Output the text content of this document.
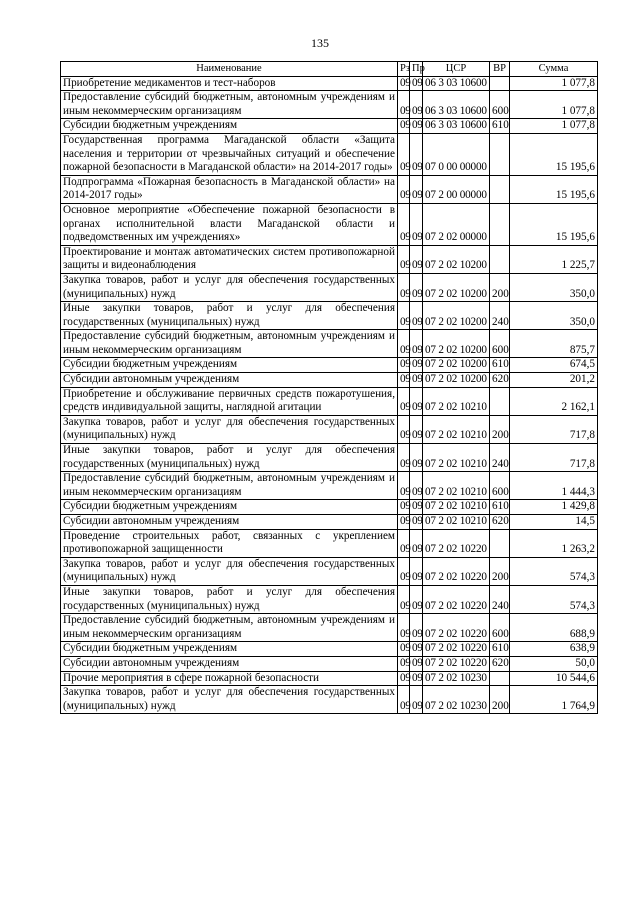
135
Наименование	Рз	Пр	ЦСР	ВР	Сумма
Приобретение медикаментов и тест-наборов	09	09	06 3 03 10600		1 077,8
Предоставление субсидий бюджетным, автономным учреждениям и иным некоммерческим организациям	09	09	06 3 03 10600	600	1 077,8
Субсидии бюджетным учреждениям	09	09	06 3 03 10600	610	1 077,8
Государственная программа Магаданской области «Защита населения и территории от чрезвычайных ситуаций и обеспечение пожарной безопасности в Магаданской области» на 2014-2017 годы»	09	09	07 0 00 00000		15 195,6
Подпрограмма «Пожарная безопасность в Магаданской области» на 2014-2017 годы»	09	09	07 2 00 00000		15 195,6
Основное мероприятие «Обеспечение пожарной безопасности в органах исполнительной власти Магаданской области и подведомственных им учреждениях»	09	09	07 2 02 00000		15 195,6
Проектирование и монтаж автоматических систем противопожарной защиты и видеонаблюдения	09	09	07 2 02 10200		1 225,7
Закупка товаров, работ и услуг для обеспечения государственных (муниципальных) нужд	09	09	07 2 02 10200	200	350,0
Иные закупки товаров, работ и услуг для обеспечения государственных (муниципальных) нужд	09	09	07 2 02 10200	240	350,0
Предоставление субсидий бюджетным, автономным учреждениям и иным некоммерческим организациям	09	09	07 2 02 10200	600	875,7
Субсидии бюджетным учреждениям	09	09	07 2 02 10200	610	674,5
Субсидии автономным учреждениям	09	09	07 2 02 10200	620	201,2
Приобретение и обслуживание первичных средств пожаротушения, средств индивидуальной защиты, наглядной агитации	09	09	07 2 02 10210		2 162,1
Закупка товаров, работ и услуг для обеспечения государственных (муниципальных) нужд	09	09	07 2 02 10210	200	717,8
Иные закупки товаров, работ и услуг для обеспечения государственных (муниципальных) нужд	09	09	07 2 02 10210	240	717,8
Предоставление субсидий бюджетным, автономным учреждениям и иным некоммерческим организациям	09	09	07 2 02 10210	600	1 444,3
Субсидии бюджетным учреждениям	09	09	07 2 02 10210	610	1 429,8
Субсидии автономным учреждениям	09	09	07 2 02 10210	620	14,5
Проведение строительных работ, связанных с укреплением противопожарной защищенности	09	09	07 2 02 10220		1 263,2
Закупка товаров, работ и услуг для обеспечения государственных (муниципальных) нужд	09	09	07 2 02 10220	200	574,3
Иные закупки товаров, работ и услуг для обеспечения государственных (муниципальных) нужд	09	09	07 2 02 10220	240	574,3
Предоставление субсидий бюджетным, автономным учреждениям и иным некоммерческим организациям	09	09	07 2 02 10220	600	688,9
Субсидии бюджетным учреждениям	09	09	07 2 02 10220	610	638,9
Субсидии автономным учреждениям	09	09	07 2 02 10220	620	50,0
Прочие мероприятия в сфере пожарной безопасности	09	09	07 2 02 10230		10 544,6
Закупка товаров, работ и услуг для обеспечения государственных (муниципальных) нужд	09	09	07 2 02 10230	200	1 764,9
